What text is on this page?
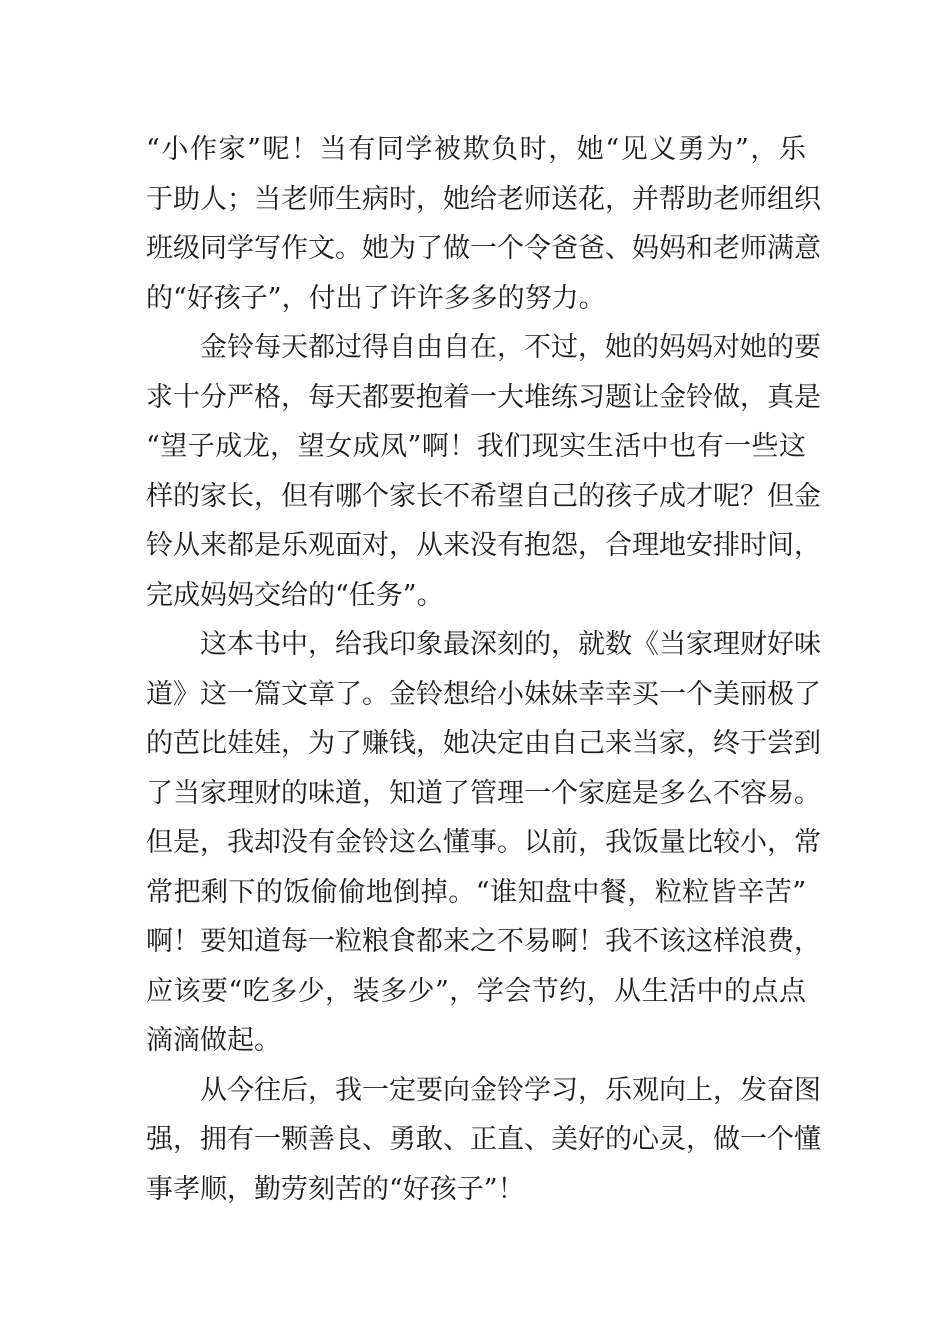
“小作家”呢！当有同学被欺负时，她“见义勇为”，乐
于助人；当老师生病时，她给老师送花，并帮助老师组织
班级同学写作文。她为了做一个令爸爸、妈妈和老师满意
的“好孩子”，付出了许许多多的努力。
　　金铃每天都过得自由自在，不过，她的妈妈对她的要
求十分严格，每天都要抱着一大堆练习题让金铃做，真是
“望子成龙，望女成凤”啊！我们现实生活中也有一些这
样的家长，但有哪个家长不希望自己的孩子成才呢？但金
铃从来都是乐观面对，从来没有抱怨，合理地安排时间，
完成妈妈交给的“任务”。
　　这本书中，给我印象最深刻的，就数《当家理财好味
道》这一篇文章了。金铃想给小妹妹幸幸买一个美丽极了
的芭比娃娃，为了赚钱，她决定由自己来当家，终于尝到
了当家理财的味道，知道了管理一个家庭是多么不容易。
但是，我却没有金铃这么懂事。以前，我饭量比较小，常
常把剩下的饭偷偷地倒掉。“谁知盘中餐，粒粒皆辛苦”
啊！要知道每一粒粮食都来之不易啊！我不该这样浪费，
应该要“吃多少，装多少”，学会节约，从生活中的点点
滴滴做起。
　　从今往后，我一定要向金铃学习，乐观向上，发奋图
强，拥有一颗善良、勇敢、正直、美好的心灵，做一个懂
事孝顺，勤劳刻苦的“好孩子”！
